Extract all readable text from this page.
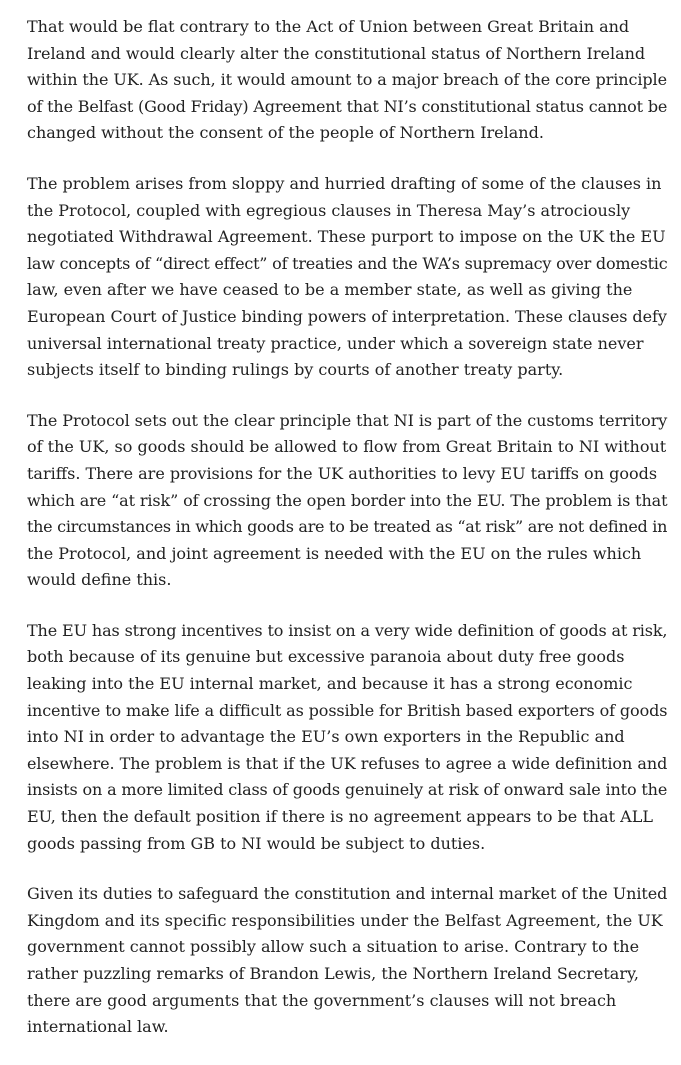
That would be flat contrary to the Act of Union between Great Britain and
Ireland and would clearly alter the constitutional status of Northern Ireland
within the UK. As such, it would amount to a major breach of the core principle
of the Belfast (Good Friday) Agreement that NI’s constitutional status cannot be
changed without the consent of the people of Northern Ireland.

The problem arises from sloppy and hurried drafting of some of the clauses in
the Protocol, coupled with egregious clauses in Theresa May’s atrociously
negotiated Withdrawal Agreement. These purport to impose on the UK the EU
law concepts of “direct effect” of treaties and the WA’s supremacy over domestic
law, even after we have ceased to be a member state, as well as giving the
European Court of Justice binding powers of interpretation. These clauses defy
universal international treaty practice, under which a sovereign state never
subjects itself to binding rulings by courts of another treaty party.

The Protocol sets out the clear principle that NI is part of the customs territory
of the UK, so goods should be allowed to flow from Great Britain to NI without
tariffs. There are provisions for the UK authorities to levy EU tariffs on goods
which are “at risk” of crossing the open border into the EU. The problem is that
the circumstances in which goods are to be treated as “at risk” are not defined in
the Protocol, and joint agreement is needed with the EU on the rules which
would define this.

The EU has strong incentives to insist on a very wide definition of goods at risk,
both because of its genuine but excessive paranoia about duty free goods
leaking into the EU internal market, and because it has a strong economic
incentive to make life a difficult as possible for British based exporters of goods
into NI in order to advantage the EU’s own exporters in the Republic and
elsewhere. The problem is that if the UK refuses to agree a wide definition and
insists on a more limited class of goods genuinely at risk of onward sale into the
EU, then the default position if there is no agreement appears to be that ALL
goods passing from GB to NI would be subject to duties.

Given its duties to safeguard the constitution and internal market of the United
Kingdom and its specific responsibilities under the Belfast Agreement, the UK
government cannot possibly allow such a situation to arise. Contrary to the
rather puzzling remarks of Brandon Lewis, the Northern Ireland Secretary,
there are good arguments that the government’s clauses will not breach
international law.
